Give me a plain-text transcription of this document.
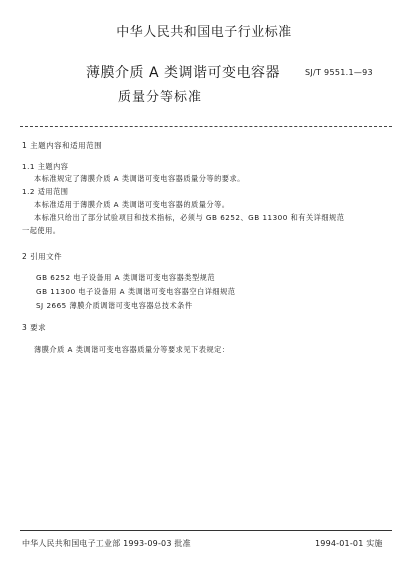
中华人民共和国电子行业标准
薄膜介质 A 类调谐可变电容器
质量分等标准
SJ/T 9551.1—93
1 主题内容和适用范围
1.1 主题内容
本标准规定了薄膜介质 A 类调谐可变电容器质量分等的要求。
1.2 适用范围
本标准适用于薄膜介质 A 类调谐可变电容器的质量分等。
本标准只给出了部分试验项目和技术指标，必须与 GB 6252、GB 11300 和有关详细规范
一起使用。
2 引用文件
GB 6252 电子设备用 A 类调谐可变电容器类型规范
GB 11300 电子设备用 A 类调谐可变电容器空白详细规范
SJ 2665 薄膜介质调谐可变电容器总技术条件
3 要求
薄膜介质 A 类调谐可变电容器质量分等要求见下表规定：
中华人民共和国电子工业部 1993-09-03 批准	1994-01-01 实施
